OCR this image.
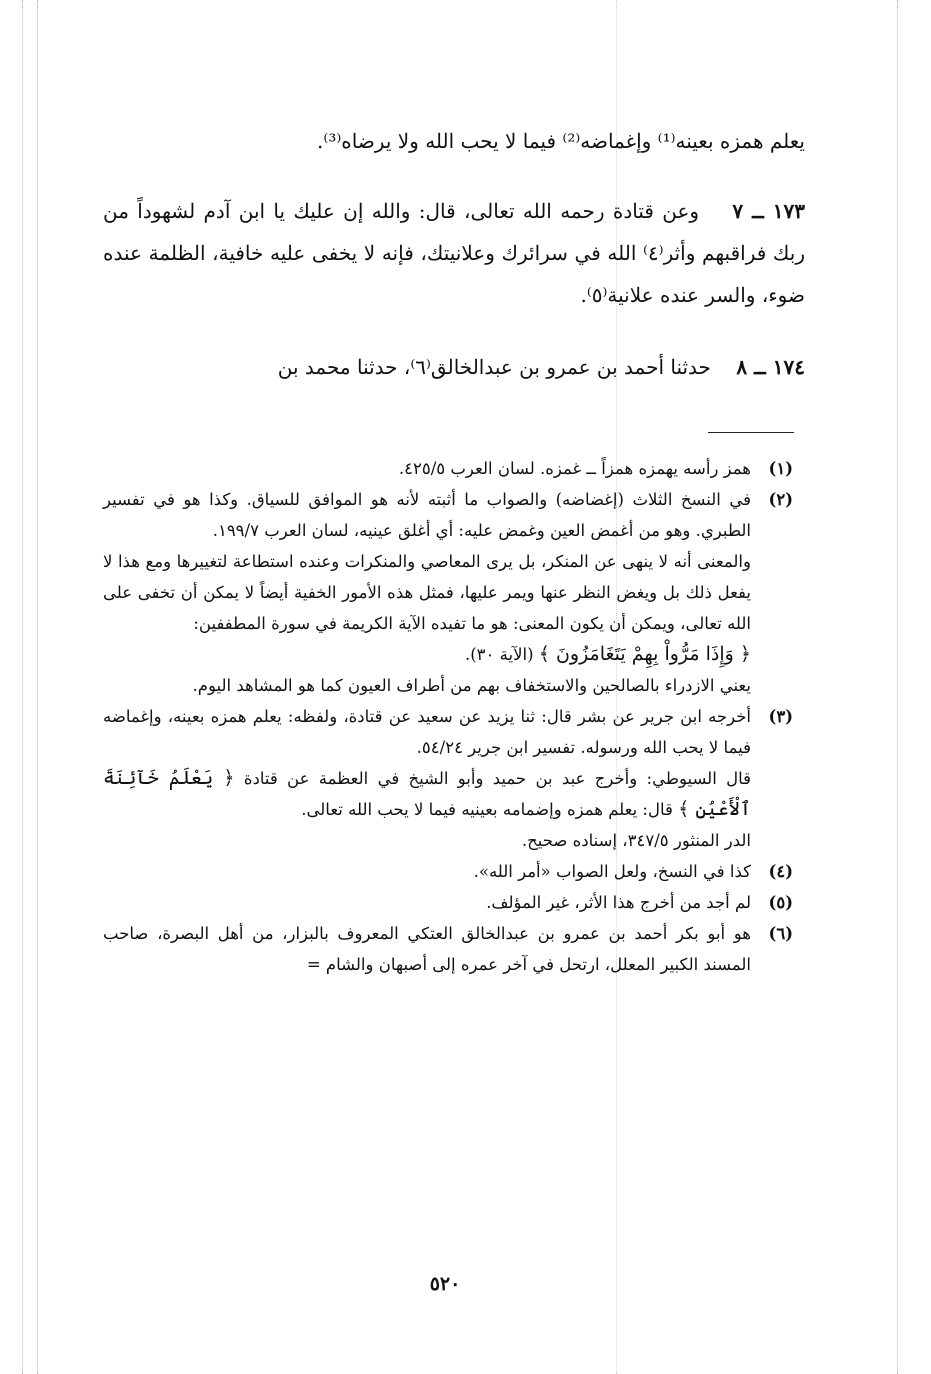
يعلم همزه بعينه⁽¹⁾ وإغماضه⁽²⁾ فيما لا يحب الله ولا يرضاه⁽³⁾.

١٧٣ ــ ٧    وعن قتادة رحمه الله تعالى، قال: والله إن عليك يا ابن آدم لشهوداً من ربك فراقبهم وأثر⁽٤⁾ الله في سرائرك وعلانيتك، فإنه لا يخفى عليه خافية، الظلمة عنده ضوء، والسر عنده علانية⁽٥⁾.

١٧٤ ــ ٨    حدثنا أحمد بن عمرو بن عبدالخالق⁽٦⁾، حدثنا محمد بن

(١)

همز رأسه يهمزه همزاً ــ غمزه. لسان العرب ٤٢٥/٥.

(٢)

في النسخ الثلاث (إغضاضه) والصواب ما أثبته لأنه هو الموافق للسياق. وكذا هو في تفسير الطبري. وهو من أغمض العين وغمض عليه: أي أغلق عينيه، لسان العرب ١٩٩/٧.

والمعنى أنه لا ينهى عن المنكر، بل يرى المعاصي والمنكرات وعنده استطاعة لتغييرها ومع هذا لا يفعل ذلك بل ويغض النظر عنها ويمر عليها، فمثل هذه الأمور الخفية أيضاً لا يمكن أن تخفى على الله تعالى، ويمكن أن يكون المعنى: هو ما تفيده الآية الكريمة في سورة المطففين:

﴿ وَإِذَا مَرُّواْ بِهِمْ يَتَغَامَزُونَ ﴾ (الآية ٣٠).

يعني الازدراء بالصالحين والاستخفاف بهم من أطراف العيون كما هو المشاهد اليوم.

(٣)

أخرجه ابن جرير عن بشر قال: ثنا يزيد عن سعيد عن قتادة، ولفظه: يعلم همزه بعينه، وإغماضه فيما لا يحب الله ورسوله. تفسير ابن جرير ٥٤/٢٤.

قال السيوطي: وأخرج عبد بن حميد وأبو الشيخ في العظمة عن قتادة ﴿ يَعْلَمُ خَآئِنَةَ ٱلْأَعْيُنِ ﴾ قال: يعلم همزه وإضمامه بعينيه فيما لا يحب الله تعالى.

الدر المنثور ٣٤٧/٥، إسناده صحيح.

(٤)

كذا في النسخ، ولعل الصواب «أمر الله».

(٥)

لم أجد من أخرج هذا الأثر، غير المؤلف.

(٦)

هو أبو بكر أحمد بن عمرو بن عبدالخالق العتكي المعروف بالبزار، من أهل البصرة، صاحب المسند الكبير المعلل، ارتحل في آخر عمره إلى أصبهان والشام =

٥٢٠
